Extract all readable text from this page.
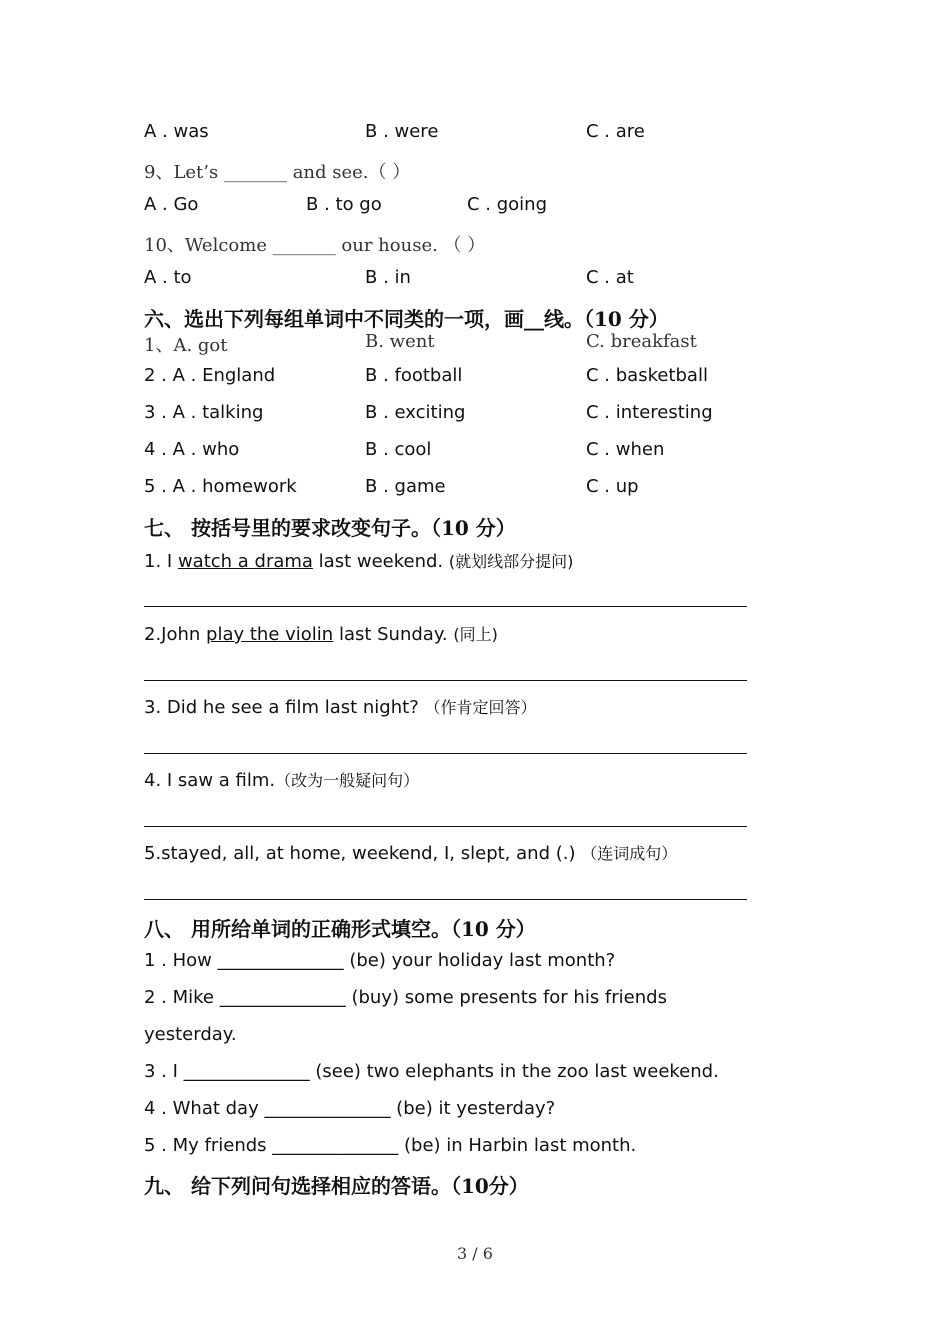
A . was	B . were	C . are
9、Let’s _______ and see.（ ）
A . Go	B . to go	C . going
10、Welcome _______ our house. （ ）
A . to	B . in	C . at
六、选出下列每组单词中不同类的一项，画__线。（10 分）
1、A. got	B. went	C. breakfast
2 . A . England	B . football	C . basketball
3 . A . talking	B . exciting	C . interesting
4 . A . who	B . cool	C . when
5 . A . homework	B . game	C . up
七、 按括号里的要求改变句子。（10 分）
1. I watch a drama last weekend. (就划线部分提问)
2.John play the violin last Sunday. (同上)
3. Did he see a film last night? （作肯定回答）
4. I saw a film.（改为一般疑问句）
5.stayed, all, at home, weekend, I, slept, and (.) （连词成句）
八、 用所给单词的正确形式填空。（10 分）
1 . How ______________ (be) your holiday last month?
2 . Mike ______________ (buy) some presents for his friends
yesterday.
3 . I ______________ (see) two elephants in the zoo last weekend.
4 . What day ______________ (be) it yesterday?
5 . My friends ______________ (be) in Harbin last month.
九、 给下列问句选择相应的答语。（10分）
3 / 6
